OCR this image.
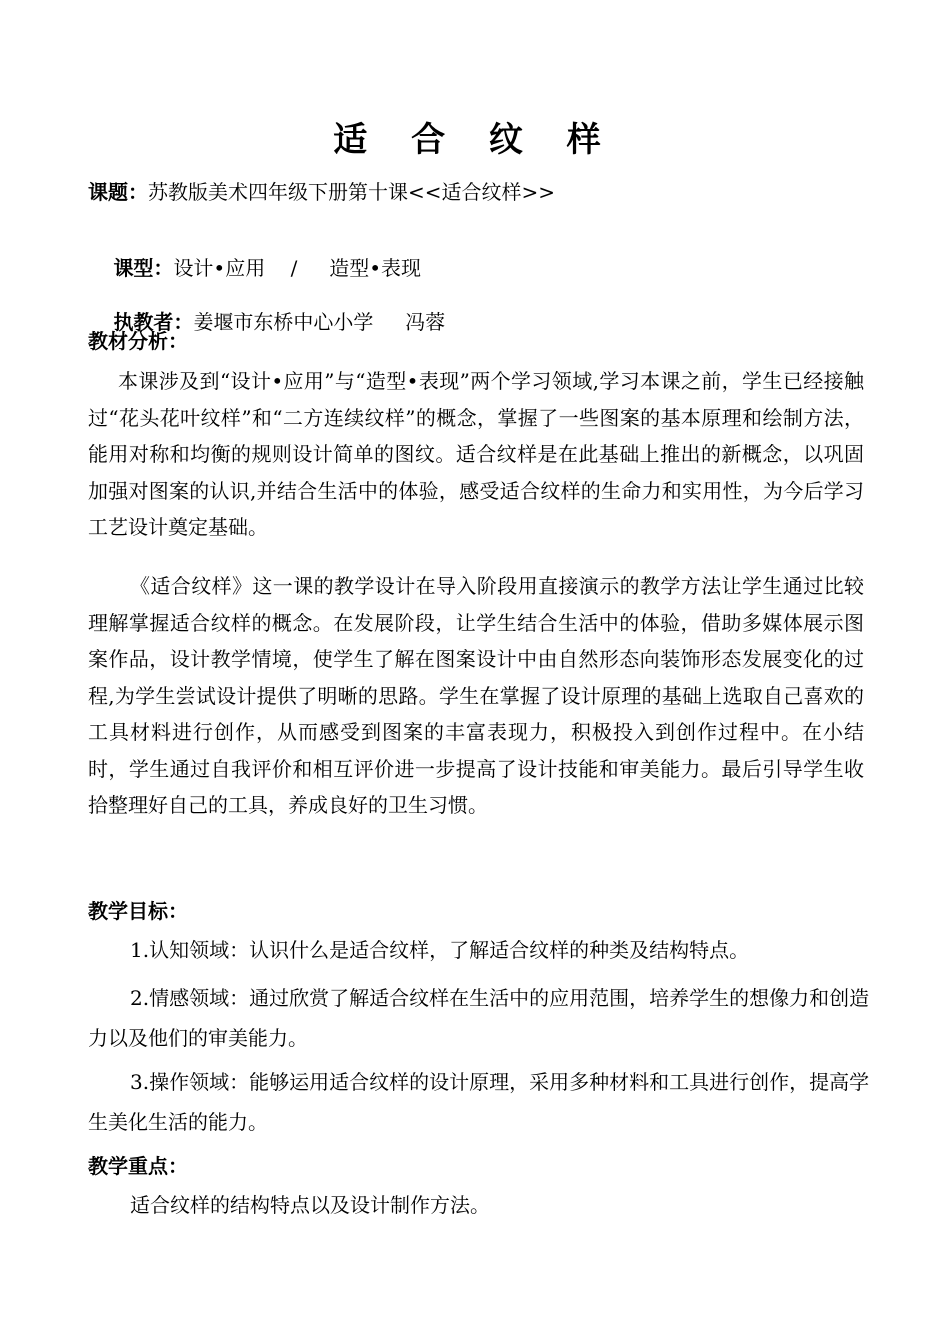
适 合 纹 样
课题：苏教版美术四年级下册第十课<<适合纹样>>

课型：设计•应用    /     造型•表现

执教者：姜堰市东桥中心小学     冯蓉

教材分析：
本课涉及到“设计•应用”与“造型•表现”两个学习领域,学习本课之前，学生已经接触过“花头花叶纹样”和“二方连续纹样”的概念，掌握了一些图案的基本原理和绘制方法，能用对称和均衡的规则设计简单的图纹。适合纹样是在此基础上推出的新概念，以巩固加强对图案的认识,并结合生活中的体验，感受适合纹样的生命力和实用性，为今后学习工艺设计奠定基础。
《适合纹样》这一课的教学设计在导入阶段用直接演示的教学方法让学生通过比较理解掌握适合纹样的概念。在发展阶段，让学生结合生活中的体验，借助多媒体展示图案作品，设计教学情境，使学生了解在图案设计中由自然形态向装饰形态发展变化的过程,为学生尝试设计提供了明晰的思路。学生在掌握了设计原理的基础上选取自己喜欢的工具材料进行创作，从而感受到图案的丰富表现力，积极投入到创作过程中。在小结时，学生通过自我评价和相互评价进一步提高了设计技能和审美能力。最后引导学生收拾整理好自己的工具，养成良好的卫生习惯。
教学目标：
1.认知领域：认识什么是适合纹样，了解适合纹样的种类及结构特点。
2.情感领域：通过欣赏了解适合纹样在生活中的应用范围，培养学生的想像力和创造力以及他们的审美能力。
3.操作领域：能够运用适合纹样的设计原理，采用多种材料和工具进行创作，提高学生美化生活的能力。
教学重点：
适合纹样的结构特点以及设计制作方法。
